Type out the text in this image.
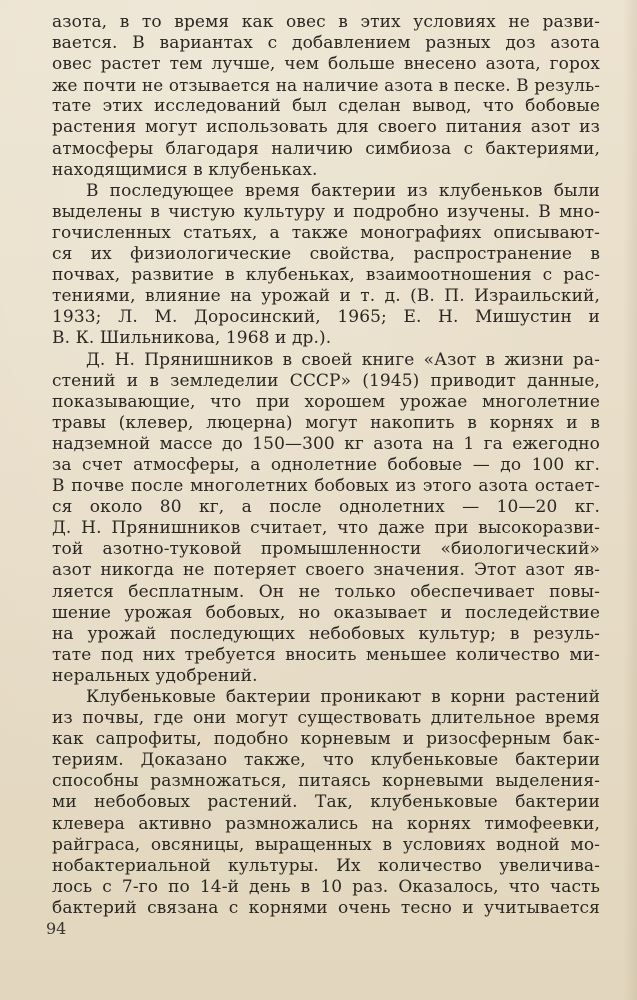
азота, в то время как овес в этих условиях не разви-
вается. В вариантах с добавлением разных доз азота
овес растет тем лучше, чем больше внесено азота, горох
же почти не отзывается на наличие азота в песке. В резуль-
тате этих исследований был сделан вывод, что бобовые
растения могут использовать для своего питания азот из
атмосферы благодаря наличию симбиоза с бактериями,
находящимися в клубеньках.
В последующее время бактерии из клубеньков были
выделены в чистую культуру и подробно изучены. В мно-
гочисленных статьях, а также монографиях описывают-
ся их физиологические свойства, распространение в
почвах, развитие в клубеньках, взаимоотношения с рас-
тениями, влияние на урожай и т. д. (В. П. Израильский,
1933; Л. М. Доросинский, 1965; Е. Н. Мишустин и
В. К. Шильникова, 1968 и др.).
Д. Н. Прянишников в своей книге «Азот в жизни ра-
стений и в земледелии СССР» (1945) приводит данные,
показывающие, что при хорошем урожае многолетние
травы (клевер, люцерна) могут накопить в корнях и в
надземной массе до 150—300 кг азота на 1 га ежегодно
за счет атмосферы, а однолетние бобовые — до 100 кг.
В почве после многолетних бобовых из этого азота остает-
ся около 80 кг, а после однолетних — 10—20 кг.
Д. Н. Прянишников считает, что даже при высокоразви-
той азотно-туковой промышленности «биологический»
азот никогда не потеряет своего значения. Этот азот яв-
ляется бесплатным. Он не только обеспечивает повы-
шение урожая бобовых, но оказывает и последействие
на урожай последующих небобовых культур; в резуль-
тате под них требуется вносить меньшее количество ми-
неральных удобрений.
Клубеньковые бактерии проникают в корни растений
из почвы, где они могут существовать длительное время
как сапрофиты, подобно корневым и ризосферным бак-
териям. Доказано также, что клубеньковые бактерии
способны размножаться, питаясь корневыми выделения-
ми небобовых растений. Так, клубеньковые бактерии
клевера активно размножались на корнях тимофеевки,
райграса, овсяницы, выращенных в условиях водной мо-
нобактериальной культуры. Их количество увеличива-
лось с 7-го по 14-й день в 10 раз. Оказалось, что часть
бактерий связана с корнями очень тесно и учитывается
94
